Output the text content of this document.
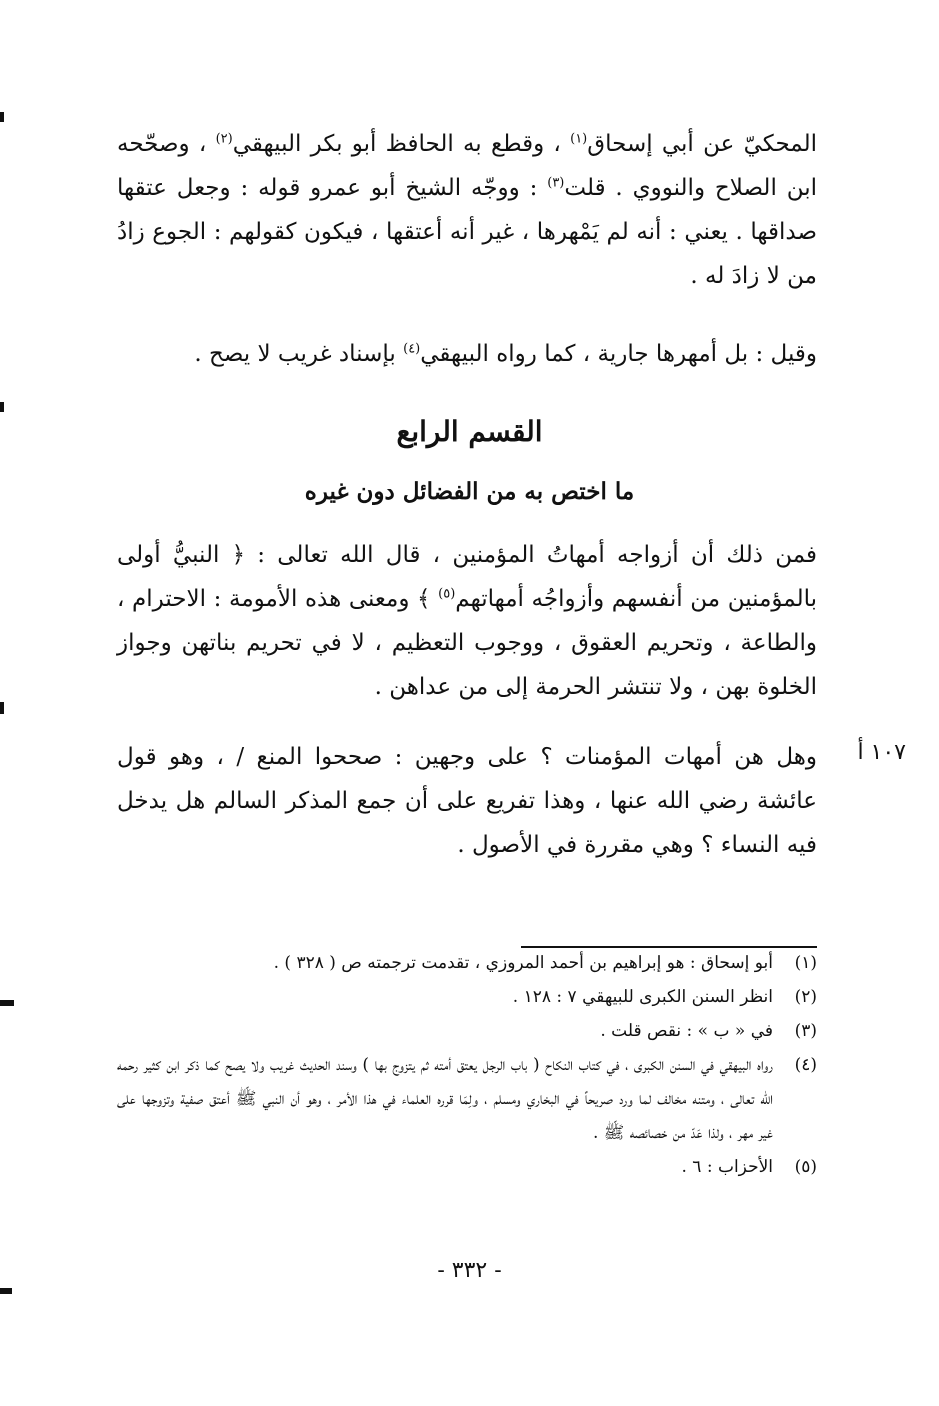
المحكيّ عن أبي إسحاق$^{(١)}$ ، وقطع به الحافظ أبو بكر البيهقي$^{(٢)}$ ، وصحّحه ابن الصلاح والنووي . قلت$^{(٣)}$ : ووجّه الشيخ أبو عمرو قوله : وجعل عتقها صداقها . يعني : أنه لم يَمْهرها ، غير أنه أعتقها ، فيكون كقولهم : الجوع زادُ من لا زادَ له .

وقيل : بل أمهرها جارية ، كما رواه البيهقي$^{(٤)}$ بإسناد غريب لا يصح .

القسم الرابع
ما اختص به من الفضائل دون غيره

فمن ذلك أن أزواجه أمهاتُ المؤمنين ، قال الله تعالى : ﴿ النبيُّ أولى بالمؤمنين من أنفسهم وأزواجُه أمهاتهم$^{(٥)}$ ﴾ ومعنى هذه الأمومة : الاحترام ، والطاعة ، وتحريم العقوق ، ووجوب التعظيم ، لا في تحريم بناتهن وجواز الخلوة بهن ، ولا تنتشر الحرمة إلى من عداهن .

١٠٧ أ

وهل هن أمهات المؤمنات ؟ على وجهين : صححوا المنع / ، وهو قول عائشة رضي الله عنها ، وهذا تفريع على أن جمع المذكر السالم هل يدخل فيه النساء ؟ وهي مقررة في الأصول .

(١)
أبو إسحاق : هو إبراهيم بن أحمد المروزي ، تقدمت ترجمته ص ( ٣٢٨ ) .
(٢)
انظر السنن الكبرى للبيهقي ٧ : ١٢٨ .
(٣)
في « ب » : نقص قلت .
(٤)
رواه البيهقي في السنن الكبرى ، في كتاب النكاح ( باب الرجل يعتق أمته ثم يتزوج بها ) وسند الحديث غريب ولا يصح كما ذكر ابن كثير رحمه الله تعالى ، ومتنه مخالف لما ورد صريحاً في البخاري ومسلم ، ولِمَا قرره العلماء في هذا الأمر ، وهو أن النبي ﷺ أعتق صفية وتزوجها على غير مهر ، ولذا عَدّ من خصائصه ﷺ .
(٥)
الأحزاب : ٦ .
- ٣٣٢ -
